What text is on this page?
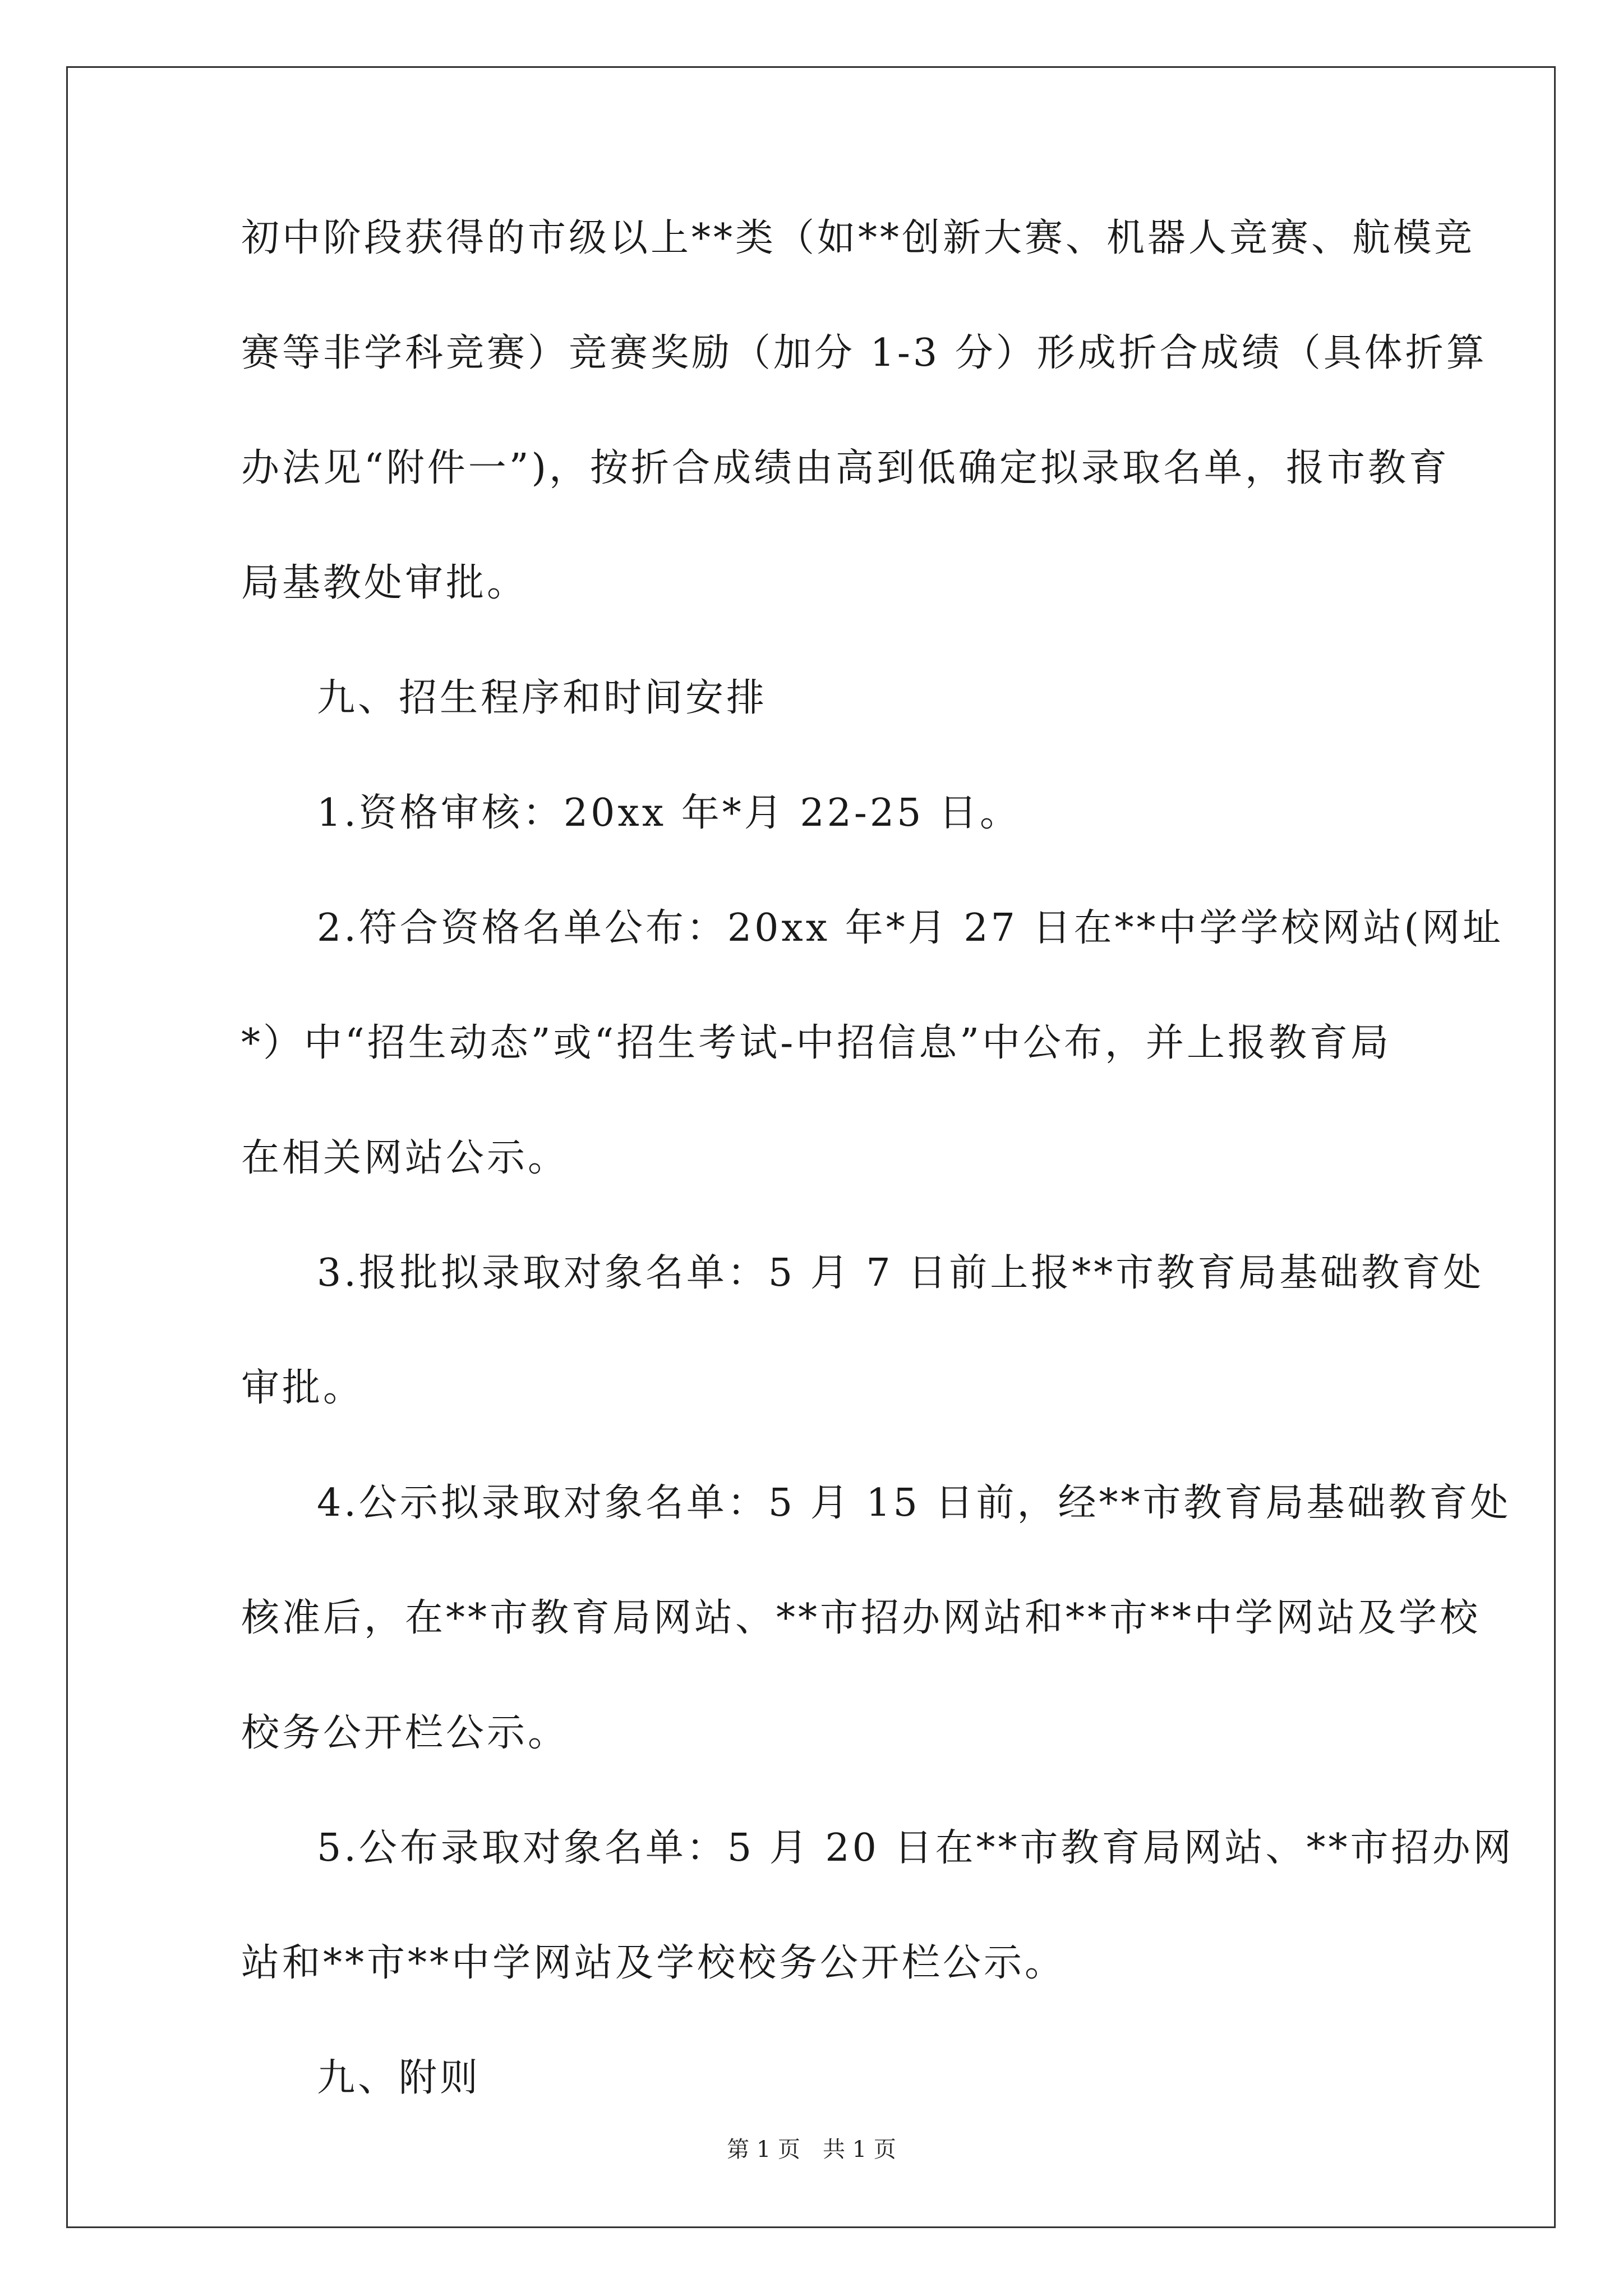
初中阶段获得的市级以上**类（如**创新大赛、机器人竞赛、航模竞
赛等非学科竞赛）竞赛奖励（加分 1-3 分）形成折合成绩（具体折算
办法见“附件一”)，按折合成绩由高到低确定拟录取名单，报市教育
局基教处审批。
九、招生程序和时间安排
1.资格审核：20xx 年*月 22-25 日。
2.符合资格名单公布：20xx 年*月 27 日在**中学学校网站(网址
*）中“招生动态”或“招生考试-中招信息”中公布，并上报教育局
在相关网站公示。
3.报批拟录取对象名单：5 月 7 日前上报**市教育局基础教育处
审批。
4.公示拟录取对象名单：5 月 15 日前，经**市教育局基础教育处
核准后，在**市教育局网站、**市招办网站和**市**中学网站及学校
校务公开栏公示。
5.公布录取对象名单：5 月 20 日在**市教育局网站、**市招办网
站和**市**中学网站及学校校务公开栏公示。
九、附则
第 1 页　共 1 页
